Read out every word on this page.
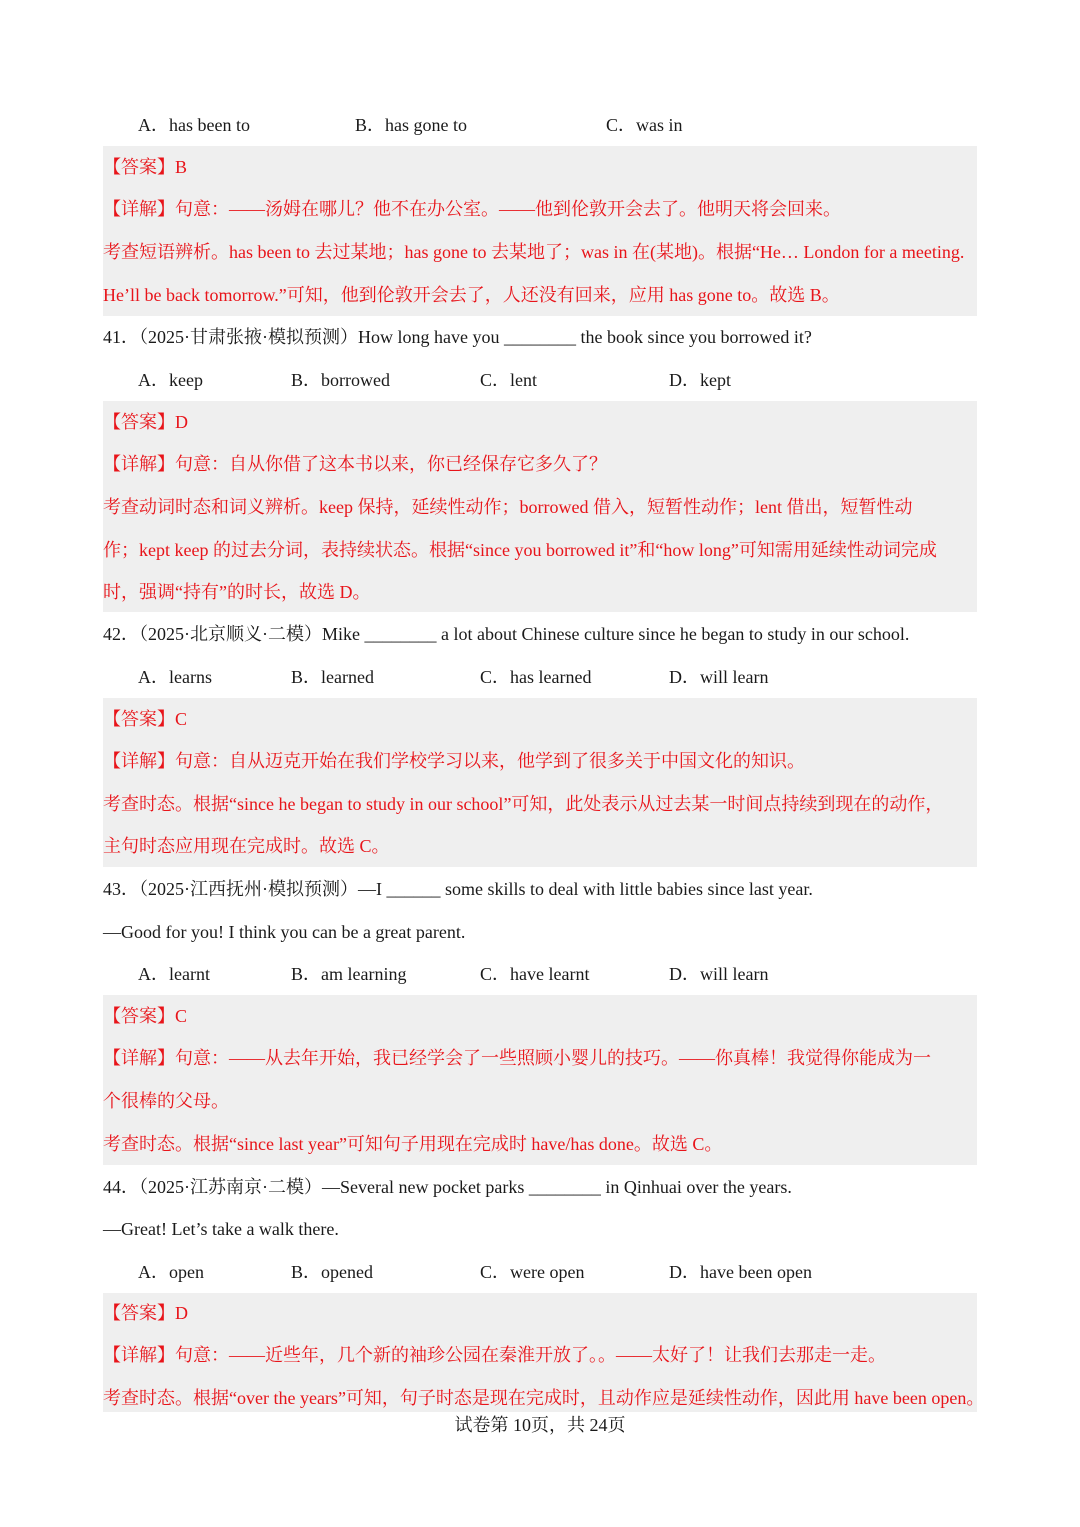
A．has been to	B．has gone to	C．was in
【答案】B
【详解】句意：——汤姆在哪儿？他不在办公室。——他到伦敦开会去了。他明天将会回来。
考查短语辨析。has been to 去过某地；has gone to 去某地了；was in 在(某地)。根据“He… London for a meeting.
He’ll be back tomorrow.”可知，他到伦敦开会去了，人还没有回来，应用 has gone to。故选 B。
41．（2025·甘肃张掖·模拟预测）How long have you ________ the book since you borrowed it?
A．keep	B．borrowed	C．lent	D．kept
【答案】D
【详解】句意：自从你借了这本书以来，你已经保存它多久了？
考查动词时态和词义辨析。keep 保持，延续性动作；borrowed 借入，短暂性动作；lent 借出，短暂性动
作；kept keep 的过去分词，表持续状态。根据“since you borrowed it”和“how long”可知需用延续性动词完成
时，强调“持有”的时长，故选 D。
42．（2025·北京顺义·二模）Mike ________ a lot about Chinese culture since he began to study in our school.
A．learns	B．learned	C．has learned	D．will learn
【答案】C
【详解】句意：自从迈克开始在我们学校学习以来，他学到了很多关于中国文化的知识。
考查时态。根据“since he began to study in our school”可知，此处表示从过去某一时间点持续到现在的动作，
主句时态应用现在完成时。故选 C。
43．（2025·江西抚州·模拟预测）—I ______ some skills to deal with little babies since last year.
—Good for you! I think you can be a great parent.
A．learnt	B．am learning	C．have learnt	D．will learn
【答案】C
【详解】句意：——从去年开始，我已经学会了一些照顾小婴儿的技巧。——你真棒！我觉得你能成为一
个很棒的父母。
考查时态。根据“since last year”可知句子用现在完成时 have/has done。故选 C。
44．（2025·江苏南京·二模）—Several new pocket parks ________ in Qinhuai over the years.
—Great! Let’s take a walk there.
A．open	B．opened	C．were open	D．have been open
【答案】D
【详解】句意：——近些年，几个新的袖珍公园在秦淮开放了。。——太好了！让我们去那走一走。
考查时态。根据“over the years”可知，句子时态是现在完成时，且动作应是延续性动作，因此用 have been open。
试卷第 10页，共 24页
